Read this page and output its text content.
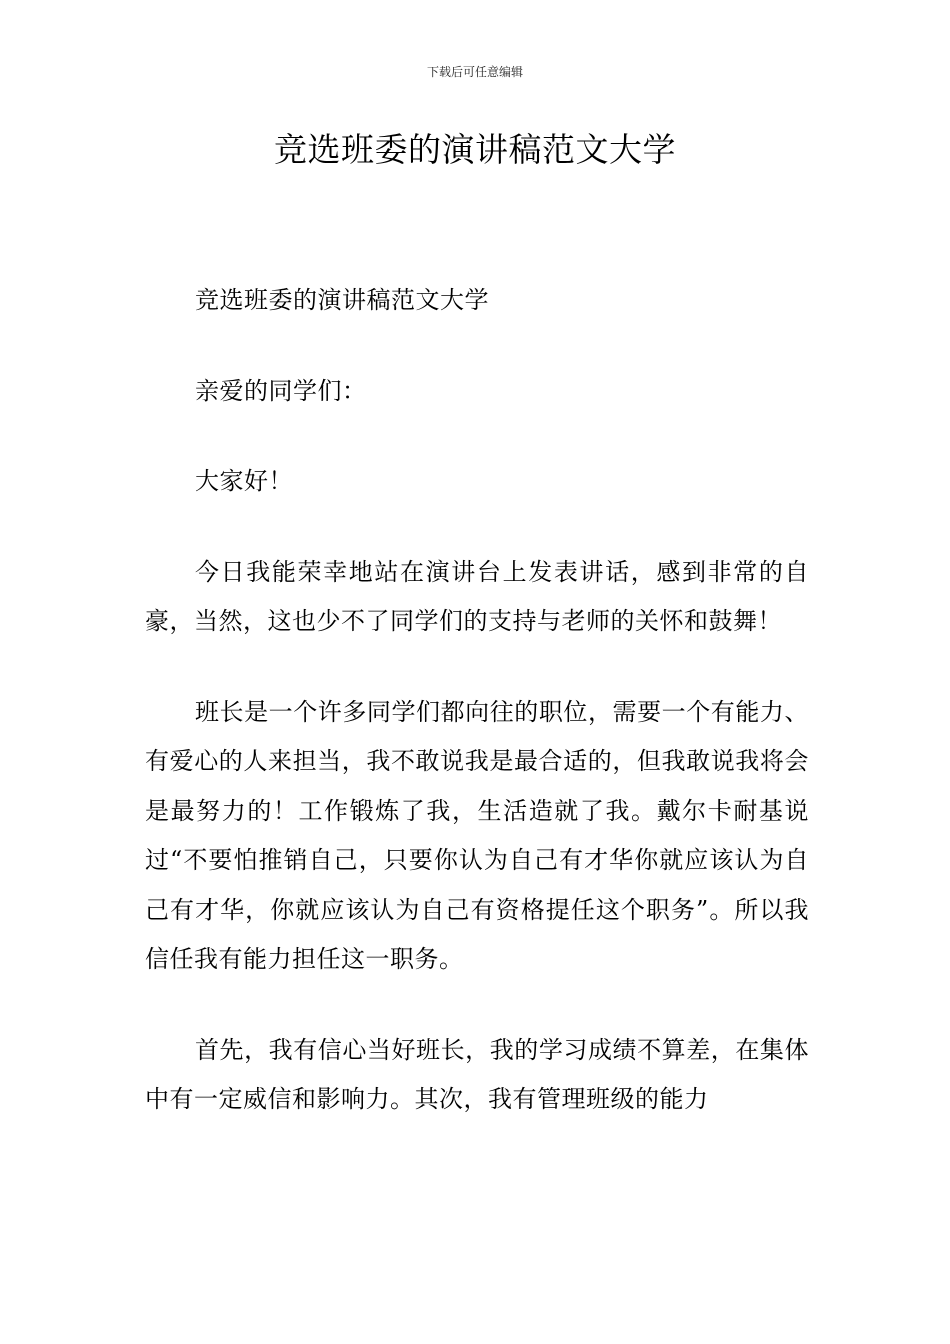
下载后可任意编辑
竞选班委的演讲稿范文大学

竞选班委的演讲稿范文大学

亲爱的同学们：

大家好！

今日我能荣幸地站在演讲台上发表讲话，感到非常的自豪，当然，这也少不了同学们的支持与老师的关怀和鼓舞！

班长是一个许多同学们都向往的职位，需要一个有能力、有爱心的人来担当，我不敢说我是最合适的，但我敢说我将会是最努力的！工作锻炼了我，生活造就了我。戴尔卡耐基说过“不要怕推销自己，只要你认为自己有才华你就应该认为自己有才华，你就应该认为自己有资格提任这个职务”。所以我信任我有能力担任这一职务。

首先，我有信心当好班长，我的学习成绩不算差，在集体中有一定威信和影响力。其次，我有管理班级的能力
